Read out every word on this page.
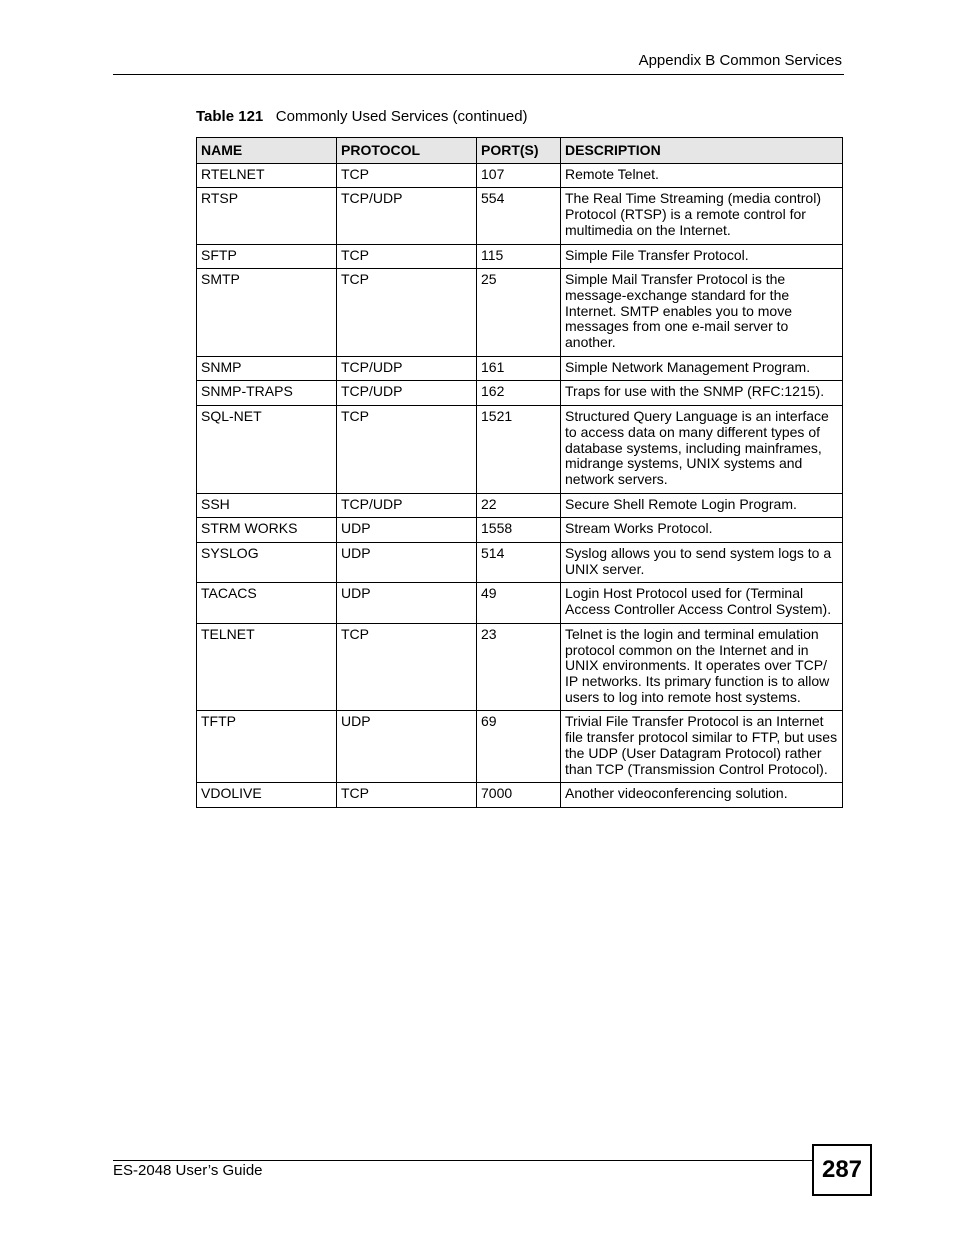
Appendix B Common Services
Table 121 Commonly Used Services (continued)
NAME	PROTOCOL	PORT(S)	DESCRIPTION
RTELNET	TCP	107	Remote Telnet.
RTSP	TCP/UDP	554	The Real Time Streaming (media control) Protocol (RTSP) is a remote control for multimedia on the Internet.
SFTP	TCP	115	Simple File Transfer Protocol.
SMTP	TCP	25	Simple Mail Transfer Protocol is the message-exchange standard for the Internet. SMTP enables you to move messages from one e-mail server to another.
SNMP	TCP/UDP	161	Simple Network Management Program.
SNMP-TRAPS	TCP/UDP	162	Traps for use with the SNMP (RFC:1215).
SQL-NET	TCP	1521	Structured Query Language is an interface to access data on many different types of database systems, including mainframes, midrange systems, UNIX systems and network servers.
SSH	TCP/UDP	22	Secure Shell Remote Login Program.
STRM WORKS	UDP	1558	Stream Works Protocol.
SYSLOG	UDP	514	Syslog allows you to send system logs to a UNIX server.
TACACS	UDP	49	Login Host Protocol used for (Terminal Access Controller Access Control System).
TELNET	TCP	23	Telnet is the login and terminal emulation protocol common on the Internet and in UNIX environments. It operates over TCP/ IP networks. Its primary function is to allow users to log into remote host systems.
TFTP	UDP	69	Trivial File Transfer Protocol is an Internet file transfer protocol similar to FTP, but uses the UDP (User Datagram Protocol) rather than TCP (Transmission Control Protocol).
VDOLIVE	TCP	7000	Another videoconferencing solution.
ES-2048 User’s Guide	287
